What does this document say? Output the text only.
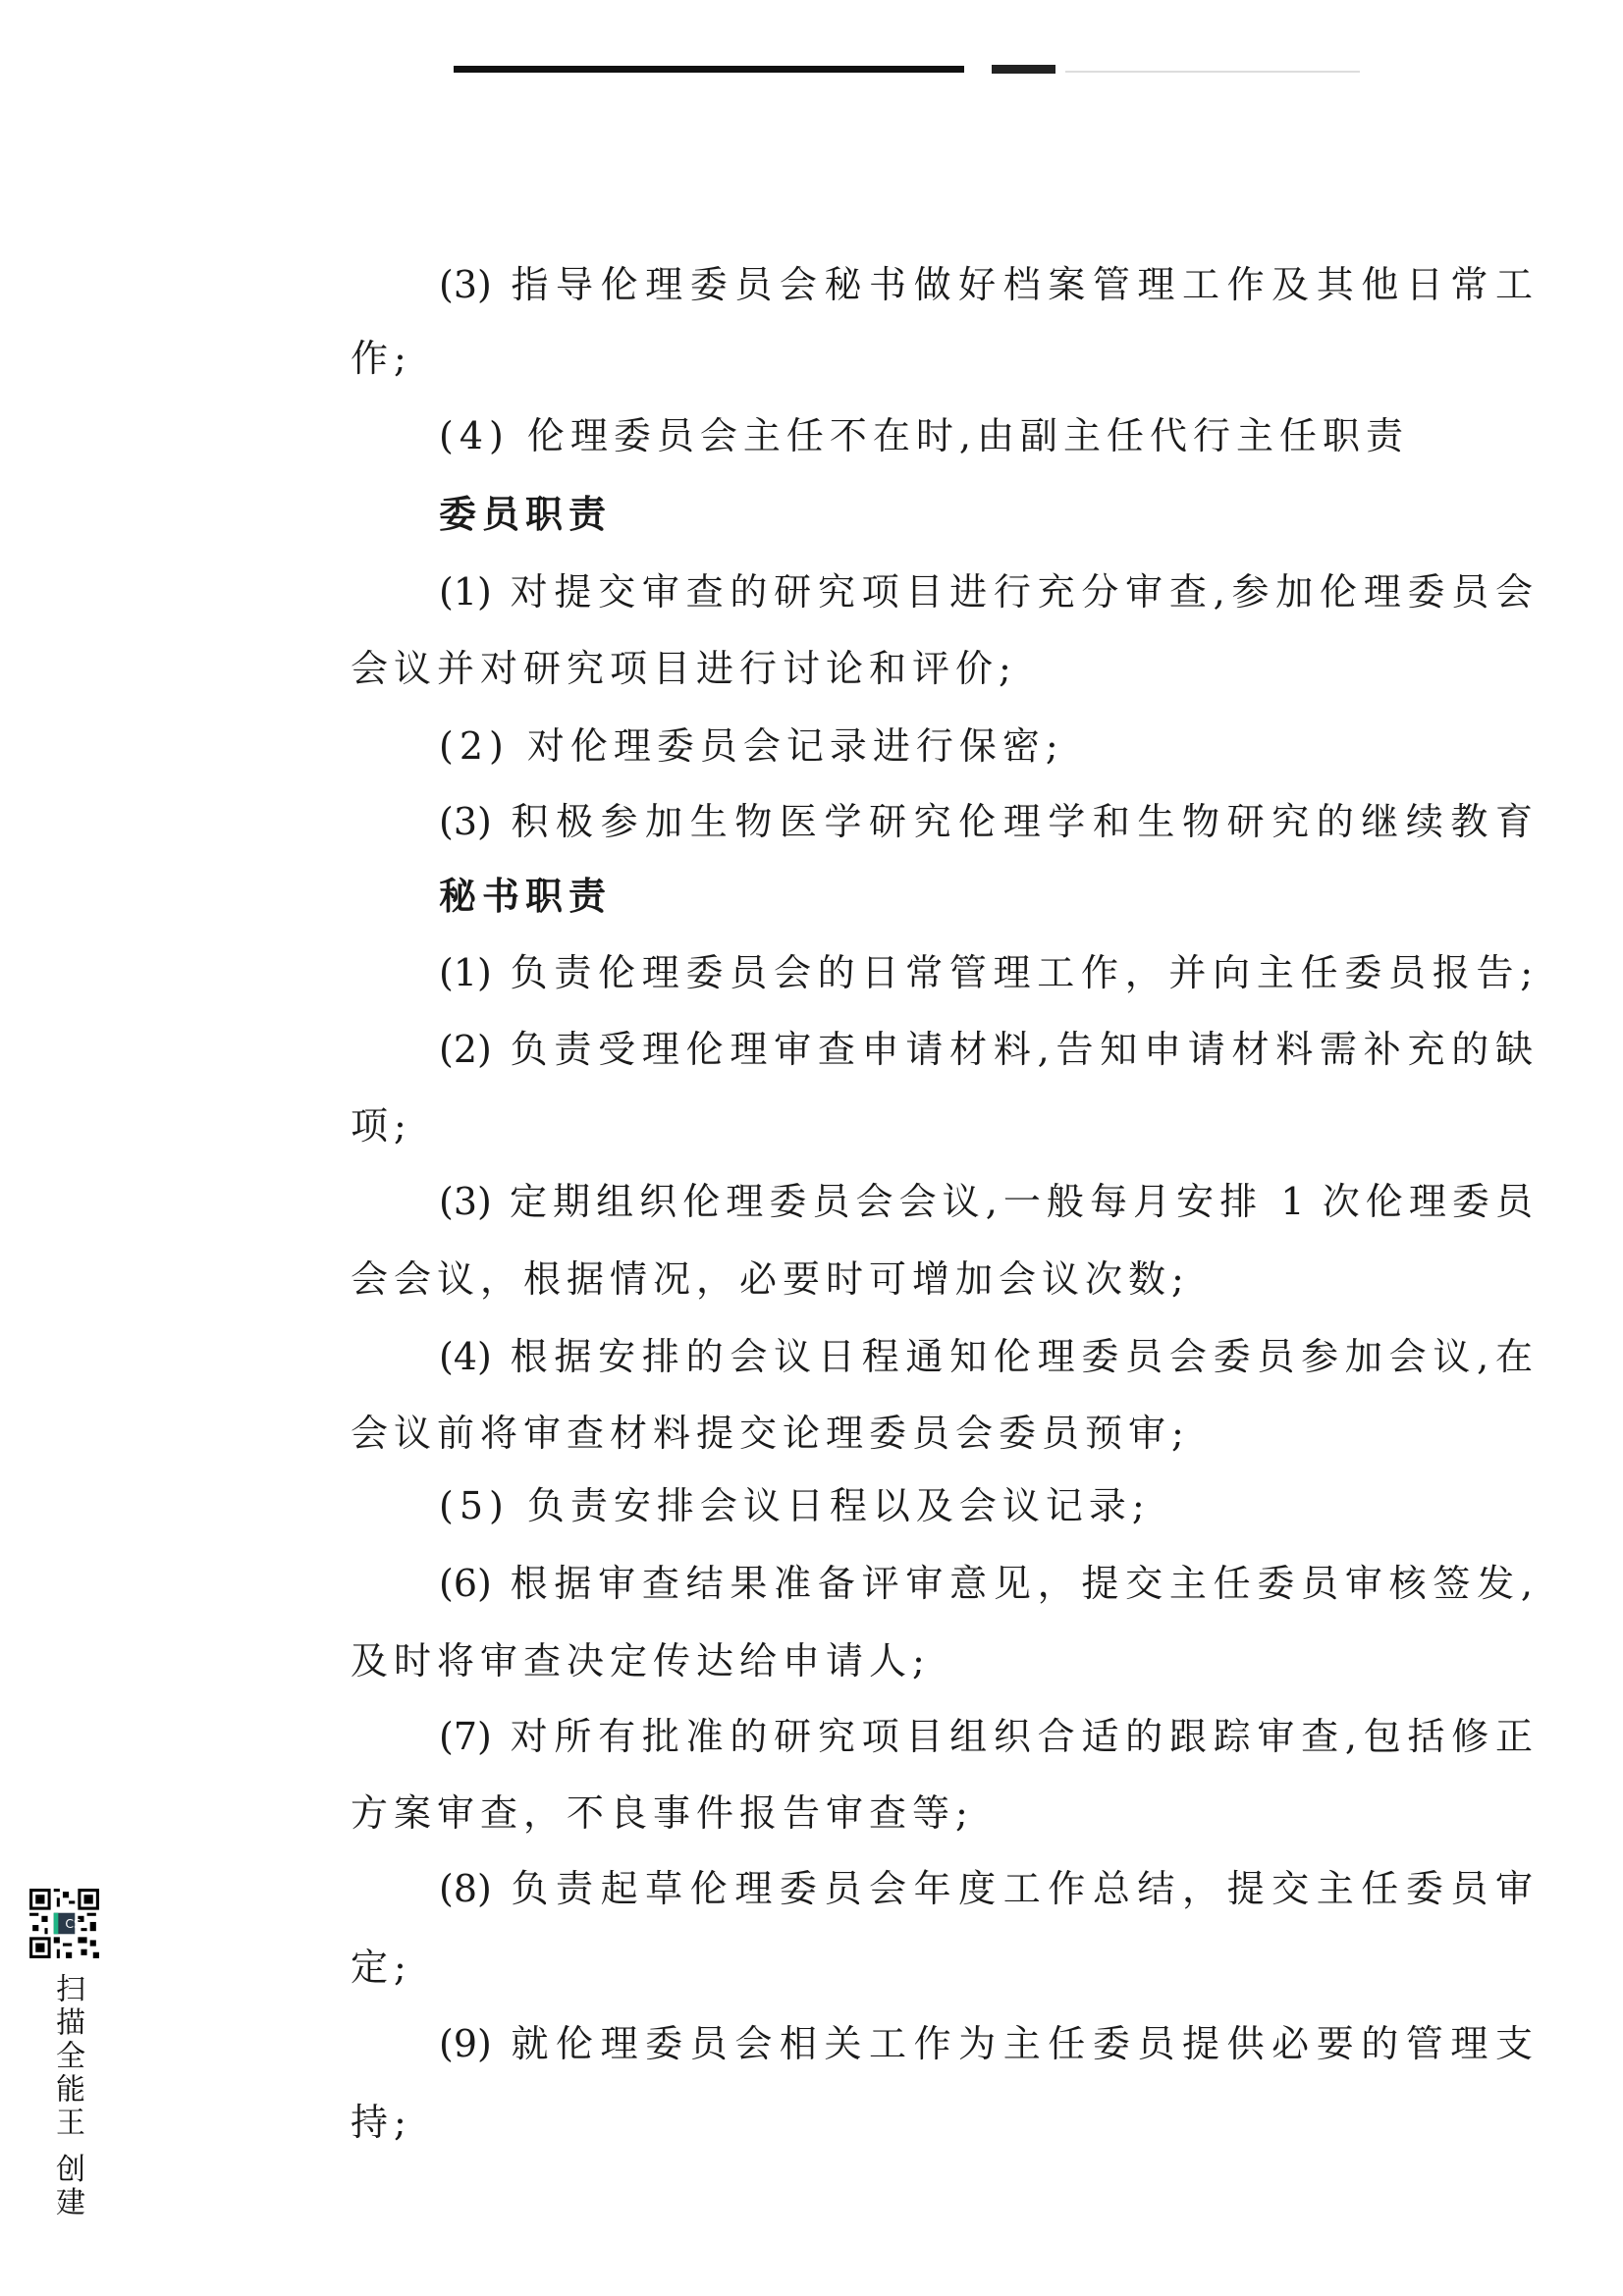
(3) 指导伦理委员会秘书做好档案管理工作及其他日常工
作;
(4) 伦理委员会主任不在时,由副主任代行主任职责
委员职责
(1) 对提交审查的研究项目进行充分审查,参加伦理委员会
会议并对研究项目进行讨论和评价;
(2) 对伦理委员会记录进行保密;
(3) 积极参加生物医学研究伦理学和生物研究的继续教育
秘书职责
(1) 负责伦理委员会的日常管理工作，并向主任委员报告;
(2) 负责受理伦理审查申请材料,告知申请材料需补充的缺
项;
(3) 定期组织伦理委员会会议,一般每月安排 1 次伦理委员
会会议，根据情况，必要时可增加会议次数;
(4) 根据安排的会议日程通知伦理委员会委员参加会议,在
会议前将审查材料提交论理委员会委员预审;
(5) 负责安排会议日程以及会议记录;
(6) 根据审查结果准备评审意见，提交主任委员审核签发,
及时将审查决定传达给申请人;
(7) 对所有批准的研究项目组织合适的跟踪审查,包括修正
方案审查，不良事件报告审查等;
(8) 负责起草伦理委员会年度工作总结，提交主任委员审
定;
(9) 就伦理委员会相关工作为主任委员提供必要的管理支
持;
CS
扫描全能王 创建
